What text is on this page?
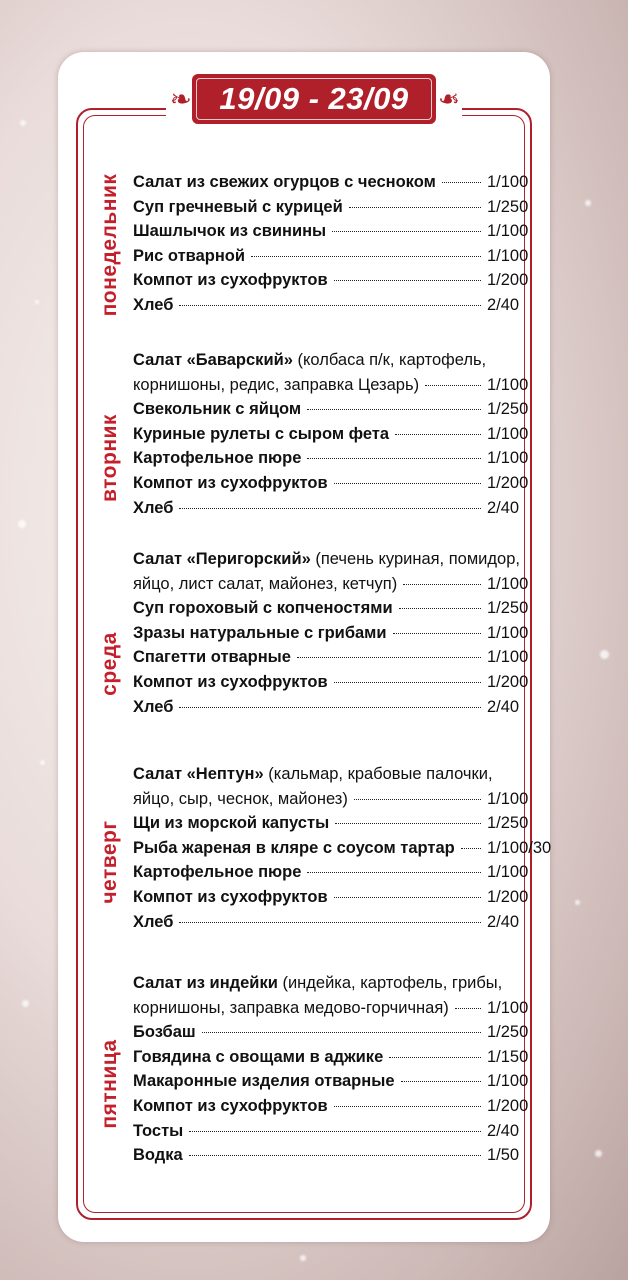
❧	❧
19/09 - 23/09
понедельник Салат из свежих огурцов с чесноком	1/100
Суп гречневый с курицей	1/250
Шашлычок из свинины	1/100
Рис отварной	1/100
Компот из сухофруктов	1/200
Хлеб	2/40
вторник
Салат «Баварский» (колбаса п/к, картофель,
корнишоны, редис, заправка Цезарь)	1/100
Свекольник с яйцом	1/250
Куриные рулеты с сыром фета	1/100
Картофельное пюре	1/100
Компот из сухофруктов	1/200
Хлеб	2/40
среда
Салат «Перигорский» (печень куриная, помидор,
яйцо, лист салат, майонез, кетчуп)	1/100
Суп гороховый с копченостями	1/250
Зразы натуральные с грибами	1/100
Спагетти отварные	1/100
Компот из сухофруктов	1/200
Хлеб	2/40
четверг
Салат «Нептун» (кальмар, крабовые палочки,
яйцо, сыр, чеснок, майонез)	1/100
Щи из морской капусты	1/250
Рыба жареная в кляре с соусом тартар 1/100/30
Картофельное пюре	1/100
Компот из сухофруктов	1/200
Хлеб	2/40
пятница
Салат из индейки (индейка, картофель, грибы,
корнишоны, заправка медово-горчичная) 1/100
Бозбаш	1/250
Говядина с овощами в аджике	1/150
Макаронные изделия отварные	1/100
Компот из сухофруктов	1/200
Тосты	2/40
Водка	1/50
